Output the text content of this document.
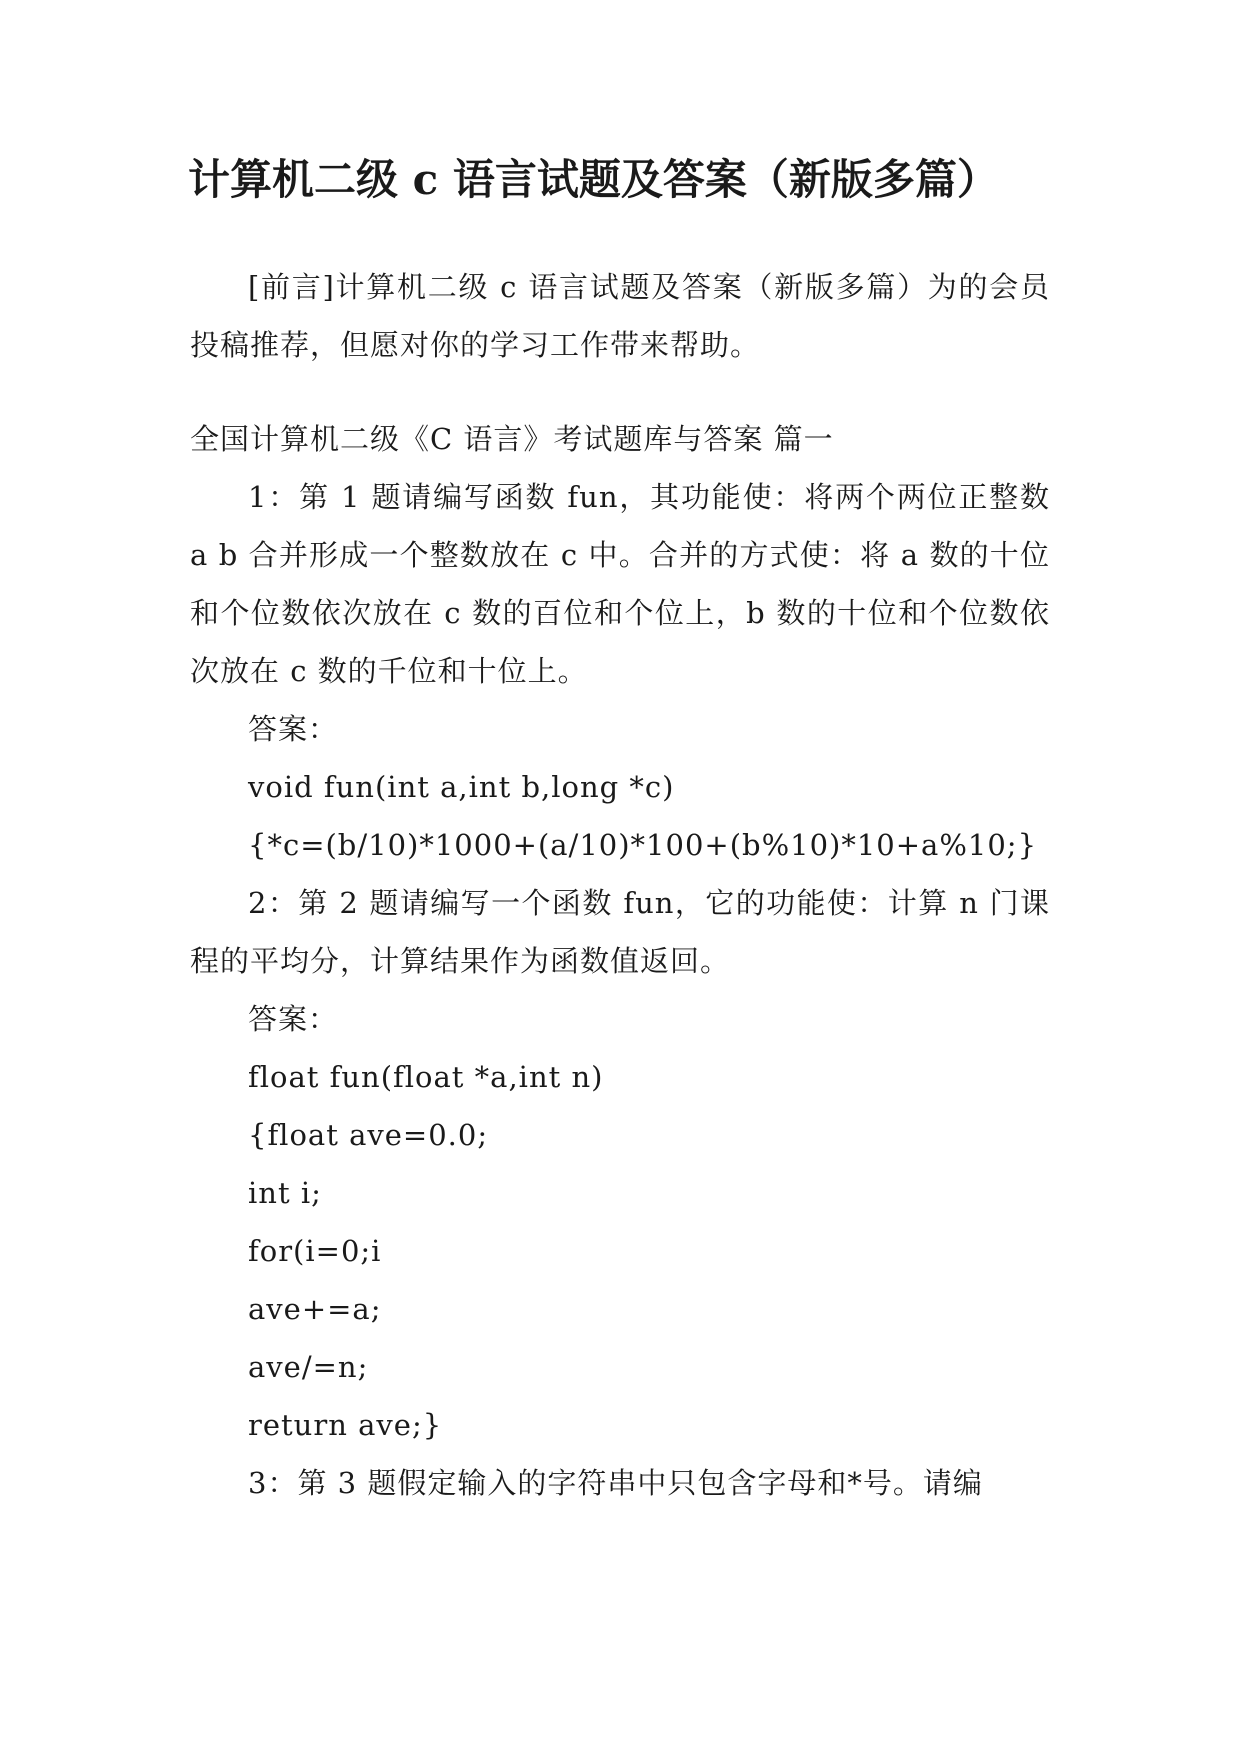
计算机二级 c 语言试题及答案（新版多篇）

[前言]计算机二级 c 语言试题及答案（新版多篇）为的会员投稿推荐，但愿对你的学习工作带来帮助。

全国计算机二级《C 语言》考试题库与答案 篇一

1：第 1 题请编写函数 fun，其功能使：将两个两位正整数 a b 合并形成一个整数放在 c 中。合并的方式使：将 a 数的十位和个位数依次放在 c 数的百位和个位上，b 数的十位和个位数依次放在 c 数的千位和十位上。

答案：

void fun(int a,int b,long *c)

{*c=(b/10)*1000+(a/10)*100+(b%10)*10+a%10;}

2：第 2 题请编写一个函数 fun，它的功能使：计算 n 门课程的平均分，计算结果作为函数值返回。

答案：

float fun(float *a,int n)

{float ave=0.0;

int i;

for(i=0;i

ave+=a;

ave/=n;

return ave;}

3：第 3 题假定输入的字符串中只包含字母和*号。请编
